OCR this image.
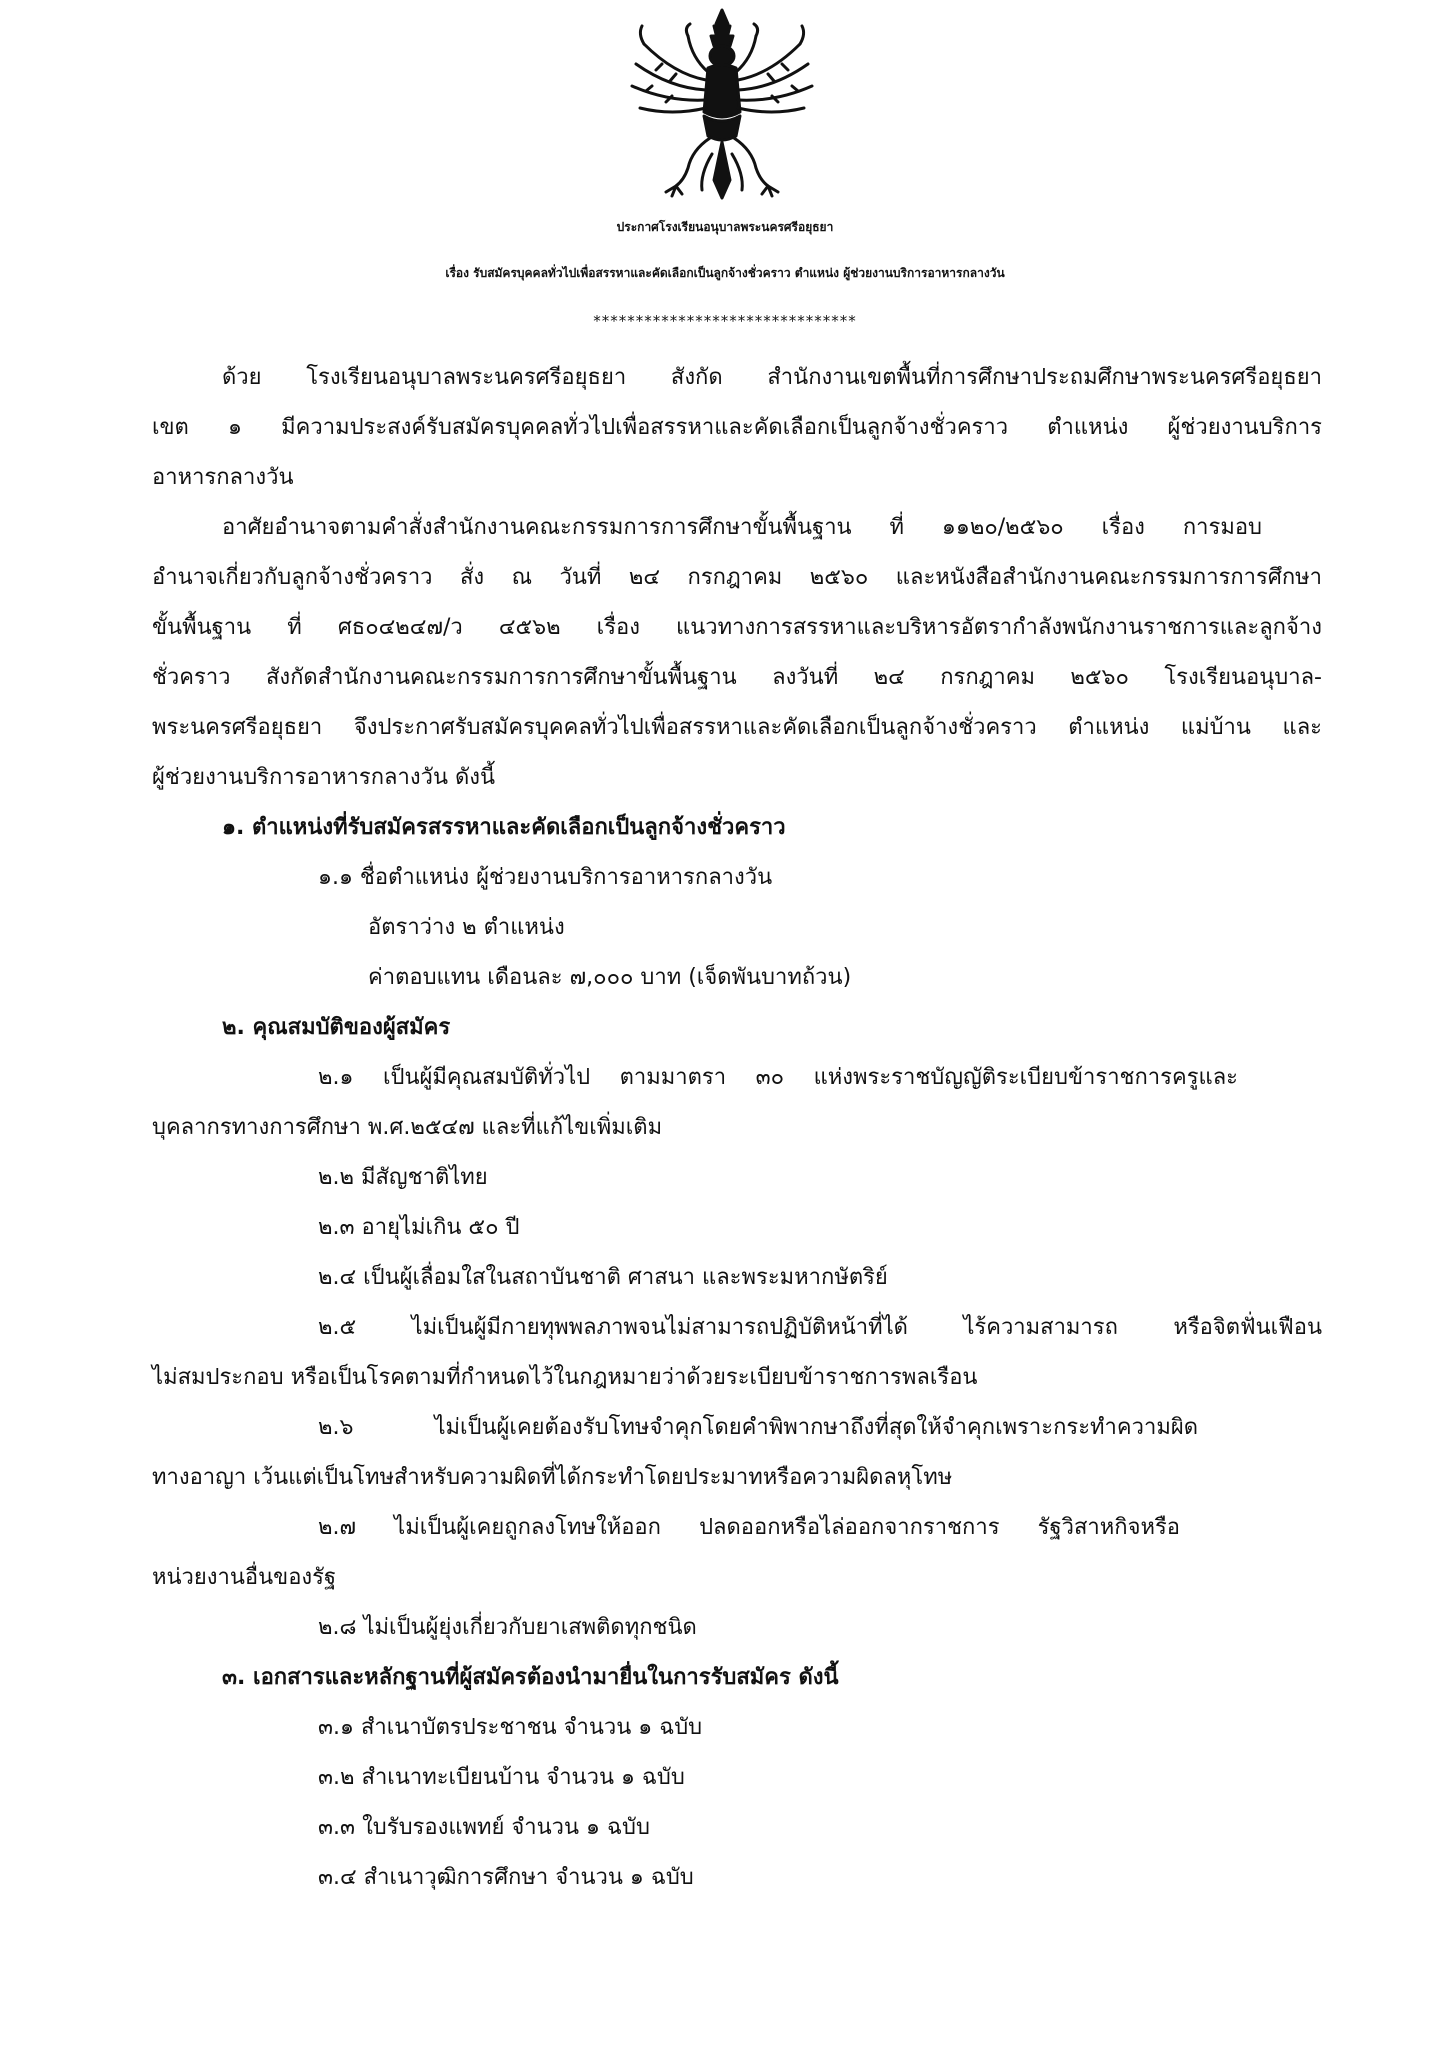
ประกาศโรงเรียนอนุบาลพระนครศรีอยุธยา
เรื่อง รับสมัครบุคคลทั่วไปเพื่อสรรหาและคัดเลือกเป็นลูกจ้างชั่วคราว ตำแหน่ง ผู้ช่วยงานบริการอาหารกลางวัน
*******************************
ด้วย โรงเรียนอนุบาลพระนครศรีอยุธยา สังกัด สำนักงานเขตพื้นที่การศึกษาประถมศึกษาพระนครศรีอยุธยา
เขต ๑ มีความประสงค์รับสมัครบุคคลทั่วไปเพื่อสรรหาและคัดเลือกเป็นลูกจ้างชั่วคราว ตำแหน่ง ผู้ช่วยงานบริการ
อาหารกลางวัน
อาศัยอำนาจตามคำสั่งสำนักงานคณะกรรมการการศึกษาขั้นพื้นฐาน ที่ ๑๑๒๐/๒๕๖๐ เรื่อง การมอบ
อำนาจเกี่ยวกับลูกจ้างชั่วคราว สั่ง ณ วันที่ ๒๔ กรกฎาคม ๒๕๖๐ และหนังสือสำนักงานคณะกรรมการการศึกษา
ขั้นพื้นฐาน ที่ ศธ๐๔๒๔๗/ว ๔๕๖๒ เรื่อง แนวทางการสรรหาและบริหารอัตรากำลังพนักงานราชการและลูกจ้าง
ชั่วคราว สังกัดสำนักงานคณะกรรมการการศึกษาขั้นพื้นฐาน ลงวันที่ ๒๔ กรกฎาคม ๒๕๖๐ โรงเรียนอนุบาล-
พระนครศรีอยุธยา จึงประกาศรับสมัครบุคคลทั่วไปเพื่อสรรหาและคัดเลือกเป็นลูกจ้างชั่วคราว ตำแหน่ง แม่บ้าน และ
ผู้ช่วยงานบริการอาหารกลางวัน ดังนี้
๑. ตำแหน่งที่รับสมัครสรรหาและคัดเลือกเป็นลูกจ้างชั่วคราว
๑.๑ ชื่อตำแหน่ง ผู้ช่วยงานบริการอาหารกลางวัน
อัตราว่าง ๒ ตำแหน่ง
ค่าตอบแทน เดือนละ ๗,๐๐๐ บาท (เจ็ดพันบาทถ้วน)
๒. คุณสมบัติของผู้สมัคร
๒.๑ เป็นผู้มีคุณสมบัติทั่วไป ตามมาตรา ๓๐ แห่งพระราชบัญญัติระเบียบข้าราชการครูและ
บุคลากรทางการศึกษา พ.ศ.๒๕๔๗ และที่แก้ไขเพิ่มเติม
๒.๒ มีสัญชาติไทย
๒.๓ อายุไม่เกิน ๕๐ ปี
๒.๔ เป็นผู้เลื่อมใสในสถาบันชาติ ศาสนา และพระมหากษัตริย์
๒.๕ ไม่เป็นผู้มีกายทุพพลภาพจนไม่สามารถปฏิบัติหน้าที่ได้ ไร้ความสามารถ หรือจิตฟั่นเฟือน
ไม่สมประกอบ หรือเป็นโรคตามที่กำหนดไว้ในกฎหมายว่าด้วยระเบียบข้าราชการพลเรือน
๒.๖ ไม่เป็นผู้เคยต้องรับโทษจำคุกโดยคำพิพากษาถึงที่สุดให้จำคุกเพราะกระทำความผิด
ทางอาญา เว้นแต่เป็นโทษสำหรับความผิดที่ได้กระทำโดยประมาทหรือความผิดลหุโทษ
๒.๗ ไม่เป็นผู้เคยถูกลงโทษให้ออก ปลดออกหรือไล่ออกจากราชการ รัฐวิสาหกิจหรือ
หน่วยงานอื่นของรัฐ
๒.๘ ไม่เป็นผู้ยุ่งเกี่ยวกับยาเสพติดทุกชนิด
๓. เอกสารและหลักฐานที่ผู้สมัครต้องนำมายื่นในการรับสมัคร ดังนี้
๓.๑ สำเนาบัตรประชาชน จำนวน ๑ ฉบับ
๓.๒ สำเนาทะเบียนบ้าน จำนวน ๑ ฉบับ
๓.๓ ใบรับรองแพทย์ จำนวน ๑ ฉบับ
๓.๔ สำเนาวุฒิการศึกษา จำนวน ๑ ฉบับ
